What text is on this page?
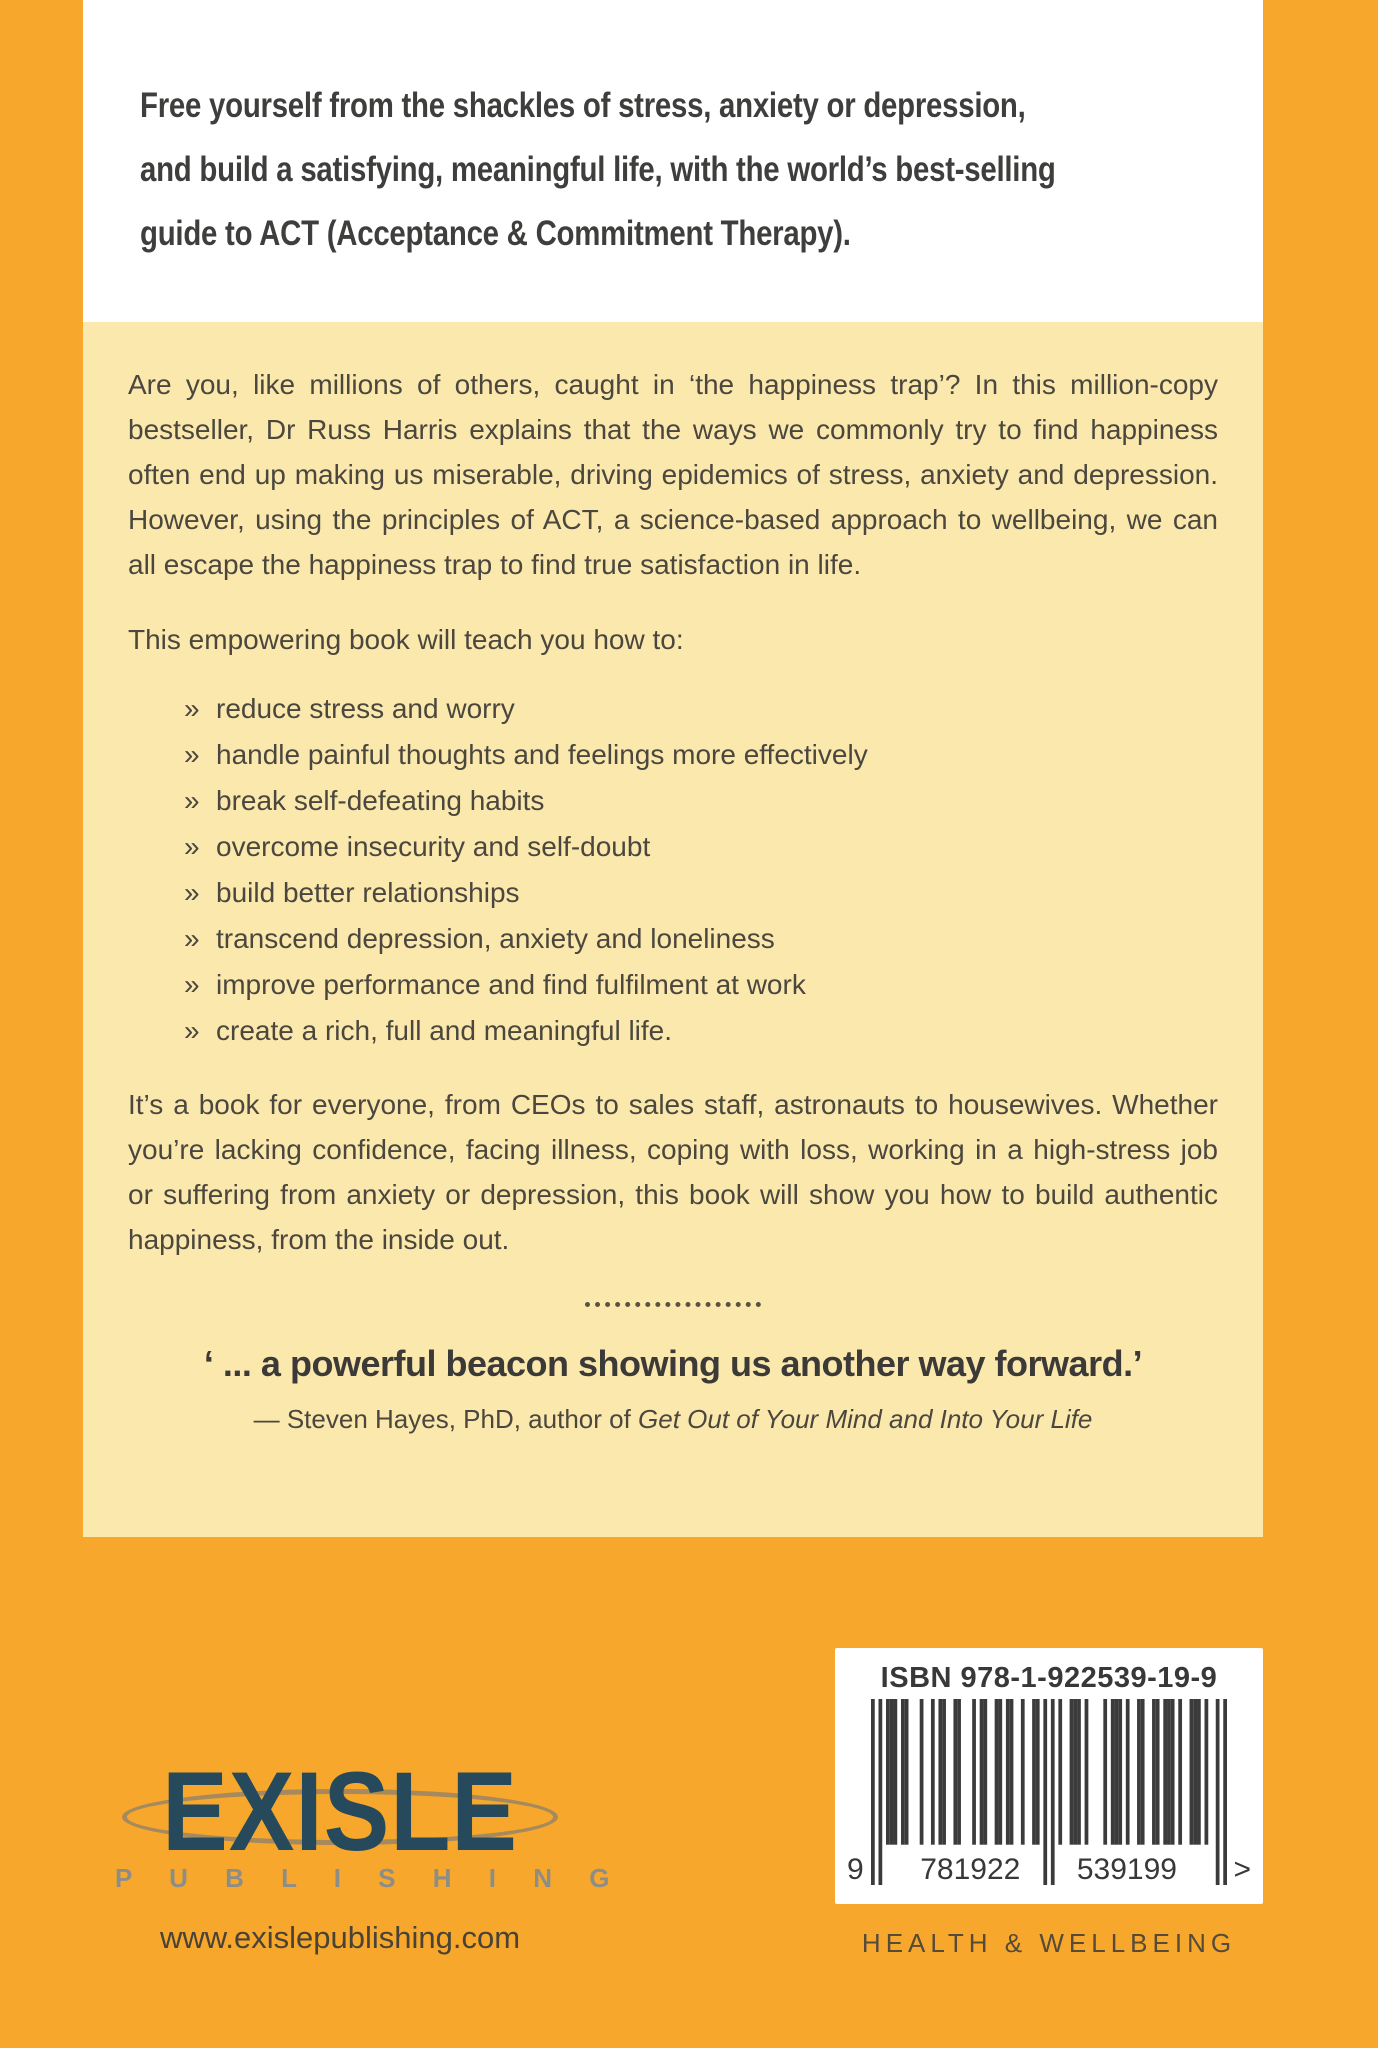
Free yourself from the shackles of stress, anxiety or depression,
and build a satisfying, meaningful life, with the world’s best-selling
guide to ACT (Acceptance & Commitment Therapy).

Are you, like millions of others, caught in ‘the happiness trap’? In this million-copy bestseller, Dr Russ Harris explains that the ways we commonly try to find happiness often end up making us miserable, driving epidemics of stress, anxiety and depression. However, using the principles of ACT, a science-based approach to wellbeing, we can all escape the happiness trap to find true satisfaction in life.

This empowering book will teach you how to:

» reduce stress and worry
» handle painful thoughts and feelings more effectively
» break self-defeating habits
» overcome insecurity and self-doubt
» build better relationships
» transcend depression, anxiety and loneliness
» improve performance and find fulfilment at work
» create a rich, full and meaningful life.

It’s a book for everyone, from CEOs to sales staff, astronauts to housewives. Whether you’re lacking confidence, facing illness, coping with loss, working in a high-stress job or suffering from anxiety or depression, this book will show you how to build authentic happiness, from the inside out.

‘ ... a powerful beacon showing us another way forward.’
— Steven Hayes, PhD, author of Get Out of Your Mind and Into Your Life
EXISLE
P U B L I S H I N G
www.exislepublishing.com
ISBN 978-1-922539-19-9
9 781922 539199 >
HEALTH & WELLBEING
